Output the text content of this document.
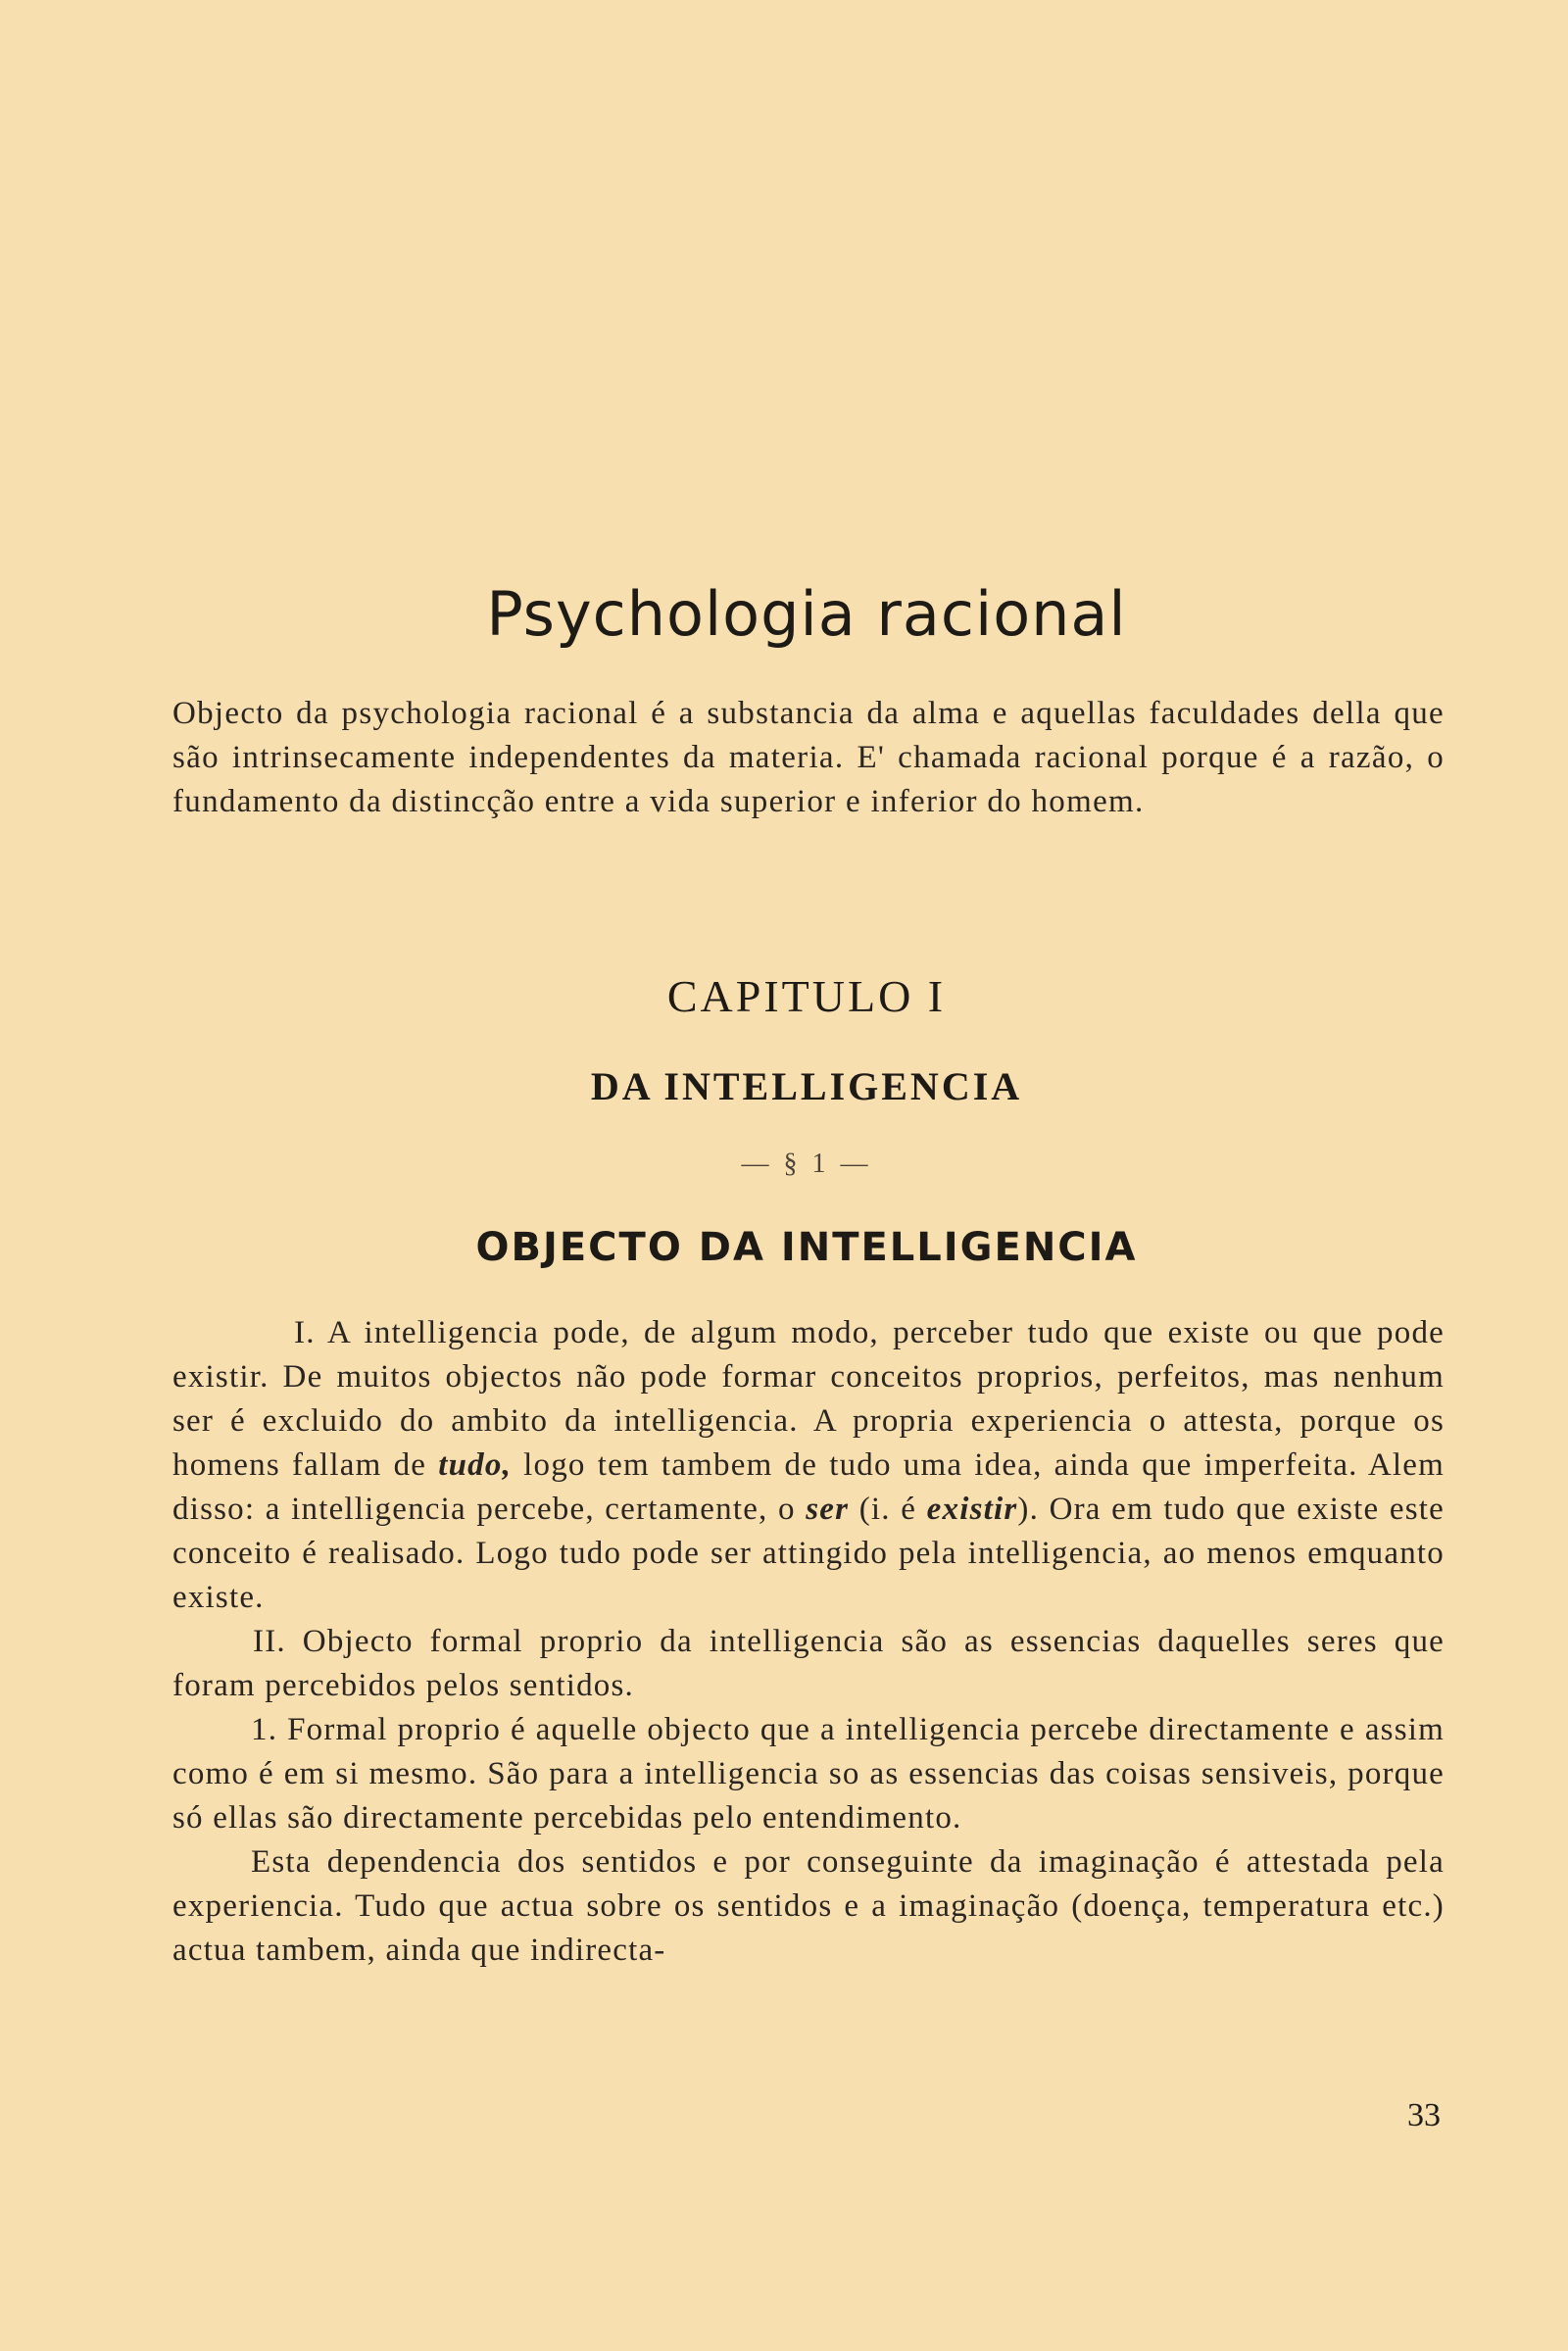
Psychologia racional

Objecto da psychologia racional é a substancia da alma e aquellas faculdades della que são intrinsecamente independentes da materia. E' chamada racional porque é a razão, o fundamento da distincção entre a vida superior e inferior do homem.

CAPITULO I
DA INTELLIGENCIA
— § 1 —
OBJECTO DA INTELLIGENCIA

I. A intelligencia pode, de algum modo, perceber tudo que existe ou que pode existir. De muitos objectos não pode formar conceitos proprios, perfeitos, mas nenhum ser é excluido do ambito da intelligencia. A propria experiencia o attesta, porque os homens fallam de tudo, logo tem tambem de tudo uma idea, ainda que imperfeita. Alem disso: a intelligencia percebe, certamente, o ser (i. é existir). Ora em tudo que existe este conceito é realisado. Logo tudo pode ser attingido pela intelligencia, ao menos emquanto existe.

II. Objecto formal proprio da intelligencia são as essencias daquelles seres que foram percebidos pelos sentidos.

1. Formal proprio é aquelle objecto que a intelligencia percebe directamente e assim como é em si mesmo. São para a intelligencia so as essencias das coisas sensiveis, porque só ellas são directamente percebidas pelo entendimento.

Esta dependencia dos sentidos e por conseguinte da imaginação é attestada pela experiencia. Tudo que actua sobre os sentidos e a imaginação (doença, temperatura etc.) actua tambem, ainda que indirecta-

33
